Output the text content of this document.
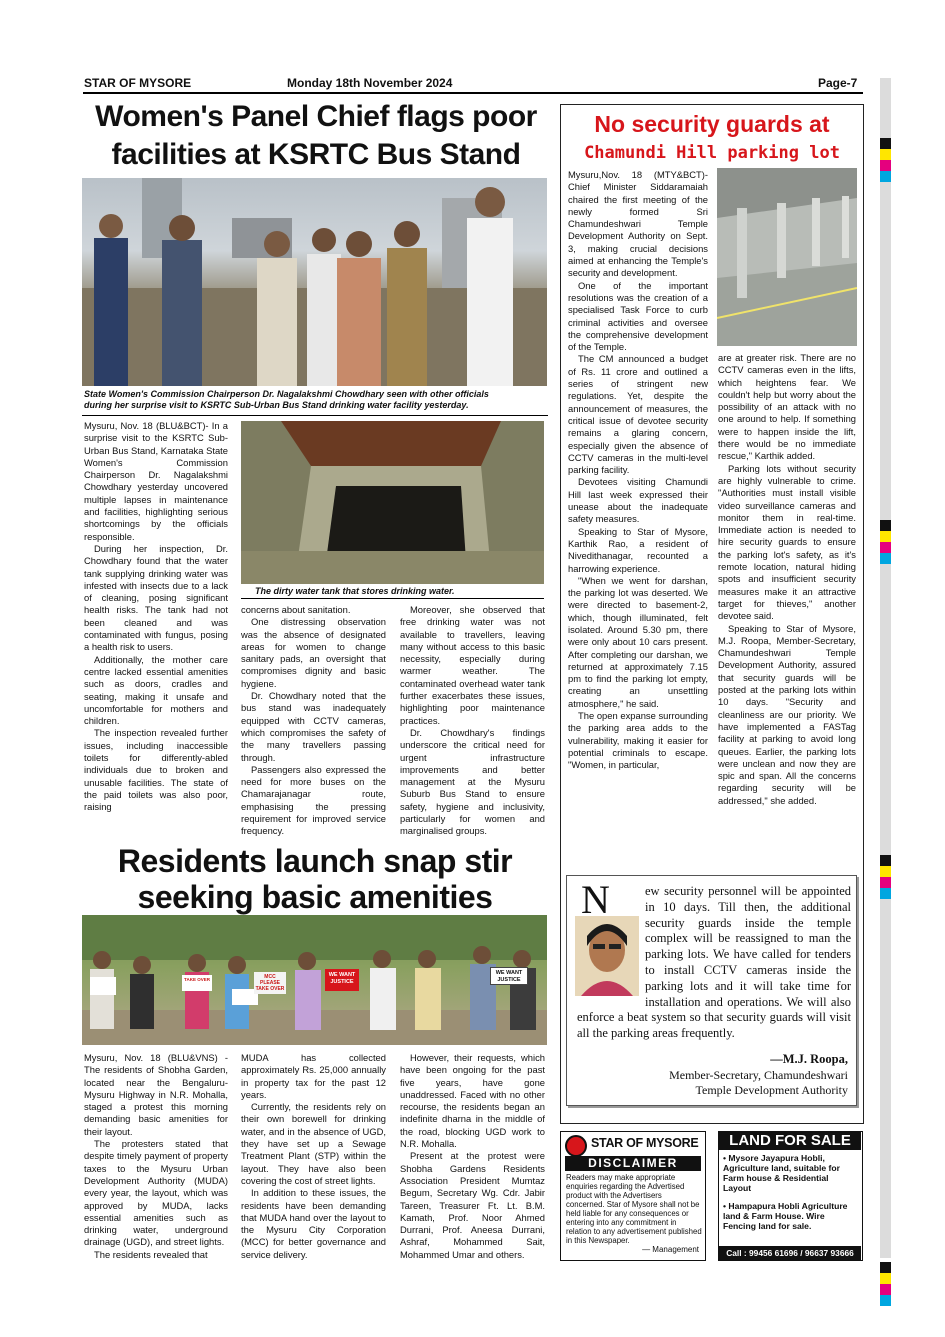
STAR OF MYSORE	Monday 18th November 2024	Page-7
Women's Panel Chief flags poor
facilities at KSRTC Bus Stand
State Women's Commission Chairperson Dr. Nagalakshmi Chowdhary seen with other officials
during her surprise visit to KSRTC Sub-Urban Bus Stand drinking water facility yesterday.

Mysuru, Nov. 18 (BLU&BCT)- In a surprise visit to the KSRTC Sub-Urban Bus Stand, Karnataka State Women's Commission Chairperson Dr. Nagalakshmi Chowdhary yesterday uncovered multiple lapses in maintenance and facilities, highlighting serious shortcomings by the officials responsible.

During her inspection, Dr. Chowdhary found that the water tank supplying drinking water was infested with insects due to a lack of cleaning, posing significant health risks. The tank had not been cleaned and was contaminated with fungus, posing a health risk to users.

Additionally, the mother care centre lacked essential amenities such as doors, cradles and seating, making it unsafe and uncomfortable for mothers and children.

The inspection revealed further issues, including inaccessible toilets for differently-abled individuals due to broken and unusable facilities. The state of the paid toilets was also poor, raising

The dirty water tank that stores drinking water.

concerns about sanitation.

One distressing observation was the absence of designated areas for women to change sanitary pads, an oversight that compromises dignity and basic hygiene.

Dr. Chowdhary noted that the bus stand was inadequately equipped with CCTV cameras, which compromises the safety of the many travellers passing through.

Passengers also expressed the need for more buses on the Chamarajanagar route, emphasising the pressing requirement for improved service frequency.

Moreover, she observed that free drinking water was not available to travellers, leaving many without access to this basic necessity, especially during warmer weather. The contaminated overhead water tank further exacerbates these issues, highlighting poor maintenance practices.

Dr. Chowdhary's findings underscore the critical need for urgent infrastructure improvements and better management at the Mysuru Suburb Bus Stand to ensure safety, hygiene and inclusivity, particularly for women and marginalised groups.

Residents launch snap stir
seeking basic amenities
MCC PLEASE TAKE OVER
WE WANT JUSTICE
WE WANT JUSTICE
TAKE OVER

Mysuru, Nov. 18 (BLU&VNS) - The residents of Shobha Garden, located near the Bengaluru-Mysuru Highway in N.R. Mohalla, staged a protest this morning demanding basic amenities for their layout.

The protesters stated that despite timely payment of property taxes to the Mysuru Urban Development Authority (MUDA) every year, the layout, which was approved by MUDA, lacks essential amenities such as drinking water, underground drainage (UGD), and street lights.

The residents revealed that

MUDA has collected approximately Rs. 25,000 annually in property tax for the past 12 years.

Currently, the residents rely on their own borewell for drinking water, and in the absence of UGD, they have set up a Sewage Treatment Plant (STP) within the layout. They have also been covering the cost of street lights.

In addition to these issues, the residents have been demanding that MUDA hand over the layout to the Mysuru City Corporation (MCC) for better governance and service delivery.

However, their requests, which have been ongoing for the past five years, have gone unaddressed. Faced with no other recourse, the residents began an indefinite dharna in the middle of the road, blocking UGD work to N.R. Mohalla.

Present at the protest were Shobha Gardens Residents Association President Mumtaz Begum, Secretary Wg. Cdr. Jabir Tareen, Treasurer Ft. Lt. B.M. Kamath, Prof. Noor Ahmed Durrani, Prof. Aneesa Durrani, Ashraf, Mohammed Sait, Mohammed Umar and others.

No security guards at
Chamundi Hill parking lot

Mysuru,Nov. 18 (MTY&BCT)- Chief Minister Siddaramaiah chaired the first meeting of the newly formed Sri Chamundeshwari Temple Development Authority on Sept. 3, making crucial decisions aimed at enhancing the Temple's security and development.

One of the important resolutions was the creation of a specialised Task Force to curb criminal activities and oversee the comprehensive development of the Temple.

The CM announced a budget of Rs. 11 crore and outlined a series of stringent new regulations. Yet, despite the announcement of measures, the critical issue of devotee security remains a glaring concern, especially given the absence of CCTV cameras in the multi-level parking facility.

Devotees visiting Chamundi Hill last week expressed their unease about the inadequate safety measures.

Speaking to Star of Mysore, Karthik Rao, a resident of Nivedithanagar, recounted a harrowing experience.

"When we went for darshan, the parking lot was deserted. We were directed to basement-2, which, though illuminated, felt isolated. Around 5.30 pm, there were only about 10 cars present. After completing our darshan, we returned at approximately 7.15 pm to find the parking lot empty, creating an unsettling atmosphere," he said.

The open expanse surrounding the parking area adds to the vulnerability, making it easier for potential criminals to escape. "Women, in particular,

are at greater risk. There are no CCTV cameras even in the lifts, which heightens fear. We couldn't help but worry about the possibility of an attack with no one around to help. If something were to happen inside the lift, there would be no immediate rescue," Karthik added.

Parking lots without security are highly vulnerable to crime. "Authorities must install visible video surveillance cameras and monitor them in real-time. Immediate action is needed to hire security guards to ensure the parking lot's safety, as it's remote location, natural hiding spots and insufficient security measures make it an attractive target for thieves," another devotee said.

Speaking to Star of Mysore, M.J. Roopa, Member-Secretary, Chamundeshwari Temple Development Authority, assured that security guards will be posted at the parking lots within 10 days. "Security and cleanliness are our priority. We have implemented a FASTag facility at parking to avoid long queues. Earlier, the parking lots were unclean and now they are spic and span. All the concerns regarding security will be addressed," she added.

N	ew security personnel will be appointed in 10 days. Till then, the additional security guards inside the temple complex will be reassigned to man the parking lots. We have called for tenders to install CCTV cameras inside the parking lots and it will take time for installation and operations. We will also enforce a beat system so that security guards will visit all the parking areas frequently.
—M.J. Roopa,
Member-Secretary, Chamundeshwari
Temple Development Authority
STAR OF MYSORE
DISCLAIMER
Readers may make appropriate enquiries regarding the Advertised product with the Advertisers concerned. Star of Mysore shall not be held liable for any consequences or entering into any commitment in relation to any advertisement published in this Newspaper.
— Management
LAND FOR SALE
• Mysore Jayapura Hobli, Agriculture land, suitable for Farm house & Residential Layout
• Hampapura Hobli Agriculture land & Farm House. Wire Fencing land for sale.
Call : 99456 61696 / 96637 93666
